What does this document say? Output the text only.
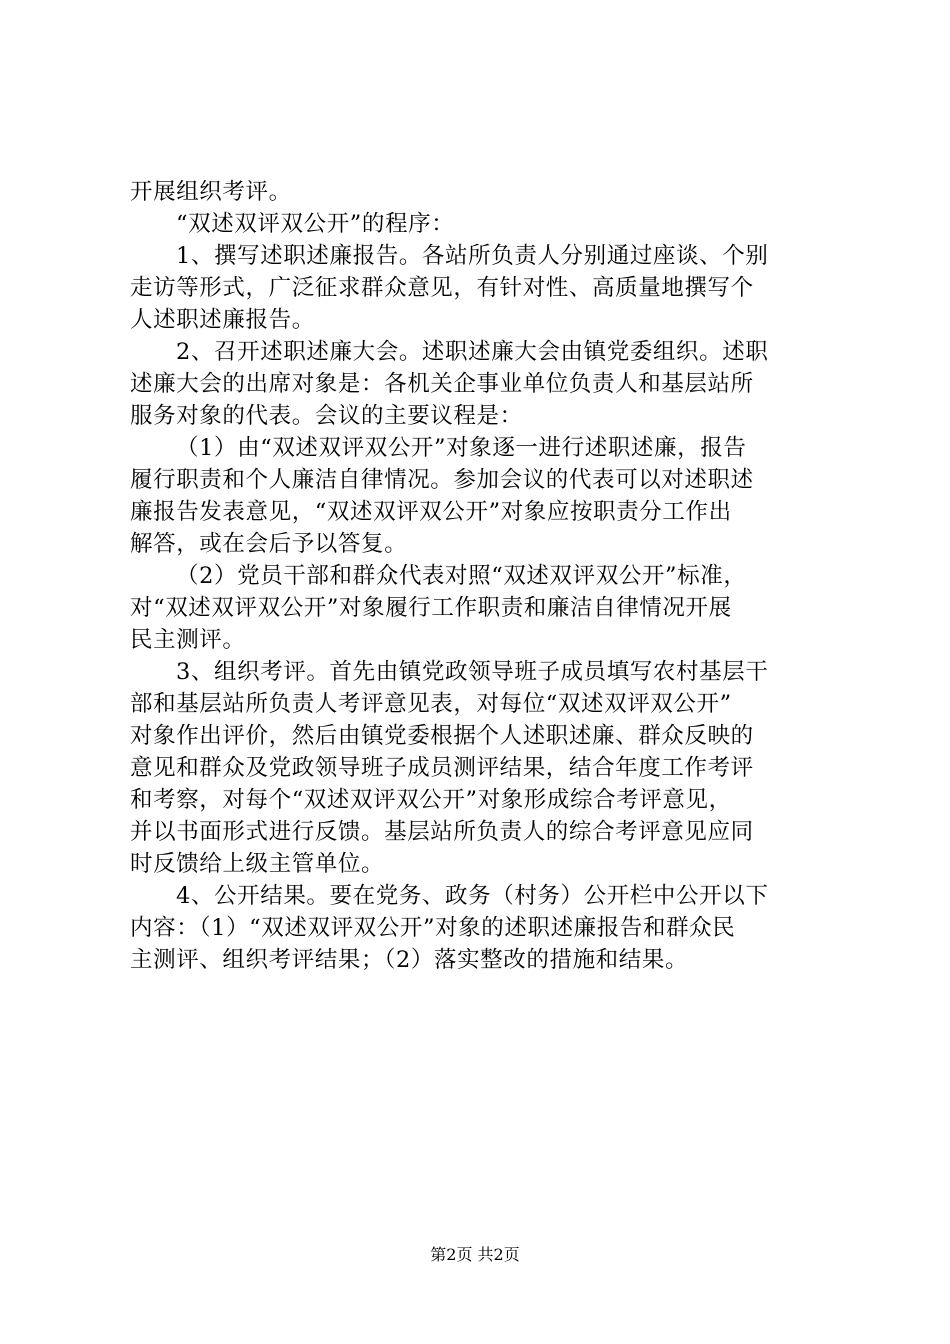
开展组织考评。
“双述双评双公开”的程序：
1、撰写述职述廉报告。各站所负责人分别通过座谈、个别
走访等形式，广泛征求群众意见，有针对性、高质量地撰写个
人述职述廉报告。
2、召开述职述廉大会。述职述廉大会由镇党委组织。述职
述廉大会的出席对象是：各机关企事业单位负责人和基层站所
服务对象的代表。会议的主要议程是：
（1）由“双述双评双公开”对象逐一进行述职述廉，报告
履行职责和个人廉洁自律情况。参加会议的代表可以对述职述
廉报告发表意见，“双述双评双公开”对象应按职责分工作出
解答，或在会后予以答复。
（2）党员干部和群众代表对照“双述双评双公开”标准，
对“双述双评双公开”对象履行工作职责和廉洁自律情况开展
民主测评。
3、组织考评。首先由镇党政领导班子成员填写农村基层干
部和基层站所负责人考评意见表，对每位“双述双评双公开”
对象作出评价，然后由镇党委根据个人述职述廉、群众反映的
意见和群众及党政领导班子成员测评结果，结合年度工作考评
和考察，对每个“双述双评双公开”对象形成综合考评意见，
并以书面形式进行反馈。基层站所负责人的综合考评意见应同
时反馈给上级主管单位。
4、公开结果。要在党务、政务（村务）公开栏中公开以下
内容：（1）“双述双评双公开”对象的述职述廉报告和群众民
主测评、组织考评结果；（2）落实整改的措施和结果。
第2页 共2页
